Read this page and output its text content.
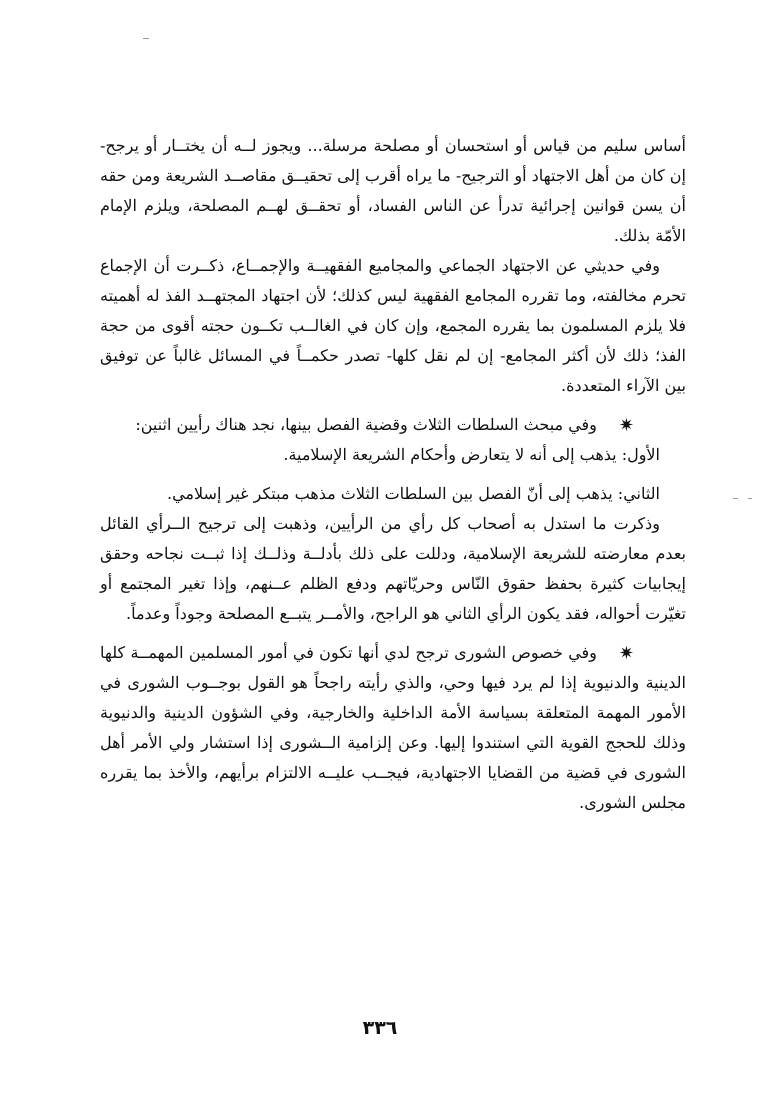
أساس سليم من قياس أو استحسان أو مصلحة مرسلة... ويجوز لــه أن يختــار أو يرجح- إن كان من أهل الاجتهاد أو الترجيح- ما يراه أقرب إلى تحقيــق مقاصــد الشريعة ومن حقه أن يسن قوانين إجرائية تدرأ عن الناس الفساد، أو تحقــق لهــم المصلحة، ويلزم الإمام الأمّة بذلك.

وفي حديثي عن الاجتهاد الجماعي والمجاميع الفقهيــة والإجمــاع، ذكــرت أن الإجماع تحرم مخالفته، وما تقرره المجامع الفقهية ليس كذلك؛ لأن اجتهاد المجتهــد الفذ له أهميته فلا يلزم المسلمون بما يقرره المجمع، وإن كان في الغالــب تكــون حجته أقوى من حجة الفذ؛ ذلك لأن أكثر المجامع- إن لم نقل كلها- تصدر حكمــاً في المسائل غالباً عن توفيق بين الآراء المتعددة.

✷وفي مبحث السلطات الثلاث وقضية الفصل بينها، نجد هناك رأيين اثنين:

الأول: يذهب إلى أنه لا يتعارض وأحكام الشريعة الإسلامية.

الثاني: يذهب إلى أنّ الفصل بين السلطات الثلاث مذهب مبتكر غير إسلامي.

وذكرت ما استدل به أصحاب كل رأي من الرأيين، وذهبت إلى ترجيح الــرأي القائل بعدم معارضته للشريعة الإسلامية، ودللت على ذلك بأدلــة وذلــك إذا ثبــت نجاحه وحقق إيجابيات كثيرة بحفظ حقوق النّاس وحريّاتهم ودفع الظلم عــنهم، وإذا تغير المجتمع أو تغيّرت أحواله، فقد يكون الرأي الثاني هو الراجح، والأمــر يتبــع المصلحة وجوداً وعدماً.

✷وفي خصوص الشورى ترجح لدي أنها تكون في أمور المسلمين المهمــة كلها الدينية والدنيوية إذا لم يرد فيها وحي، والذي رأيته راجحاً هو القول بوجــوب الشورى في الأمور المهمة المتعلقة بسياسة الأمة الداخلية والخارجية، وفي الشؤون الدينية والدنيوية وذلك للحجج القوية التي استندوا إليها. وعن إلزامية الــشورى إذا استشار ولي الأمر أهل الشورى في قضية من القضايا الاجتهادية، فيجــب عليــه الالتزام برأيهم، والأخذ بما يقرره مجلس الشورى.

٣٣٦
